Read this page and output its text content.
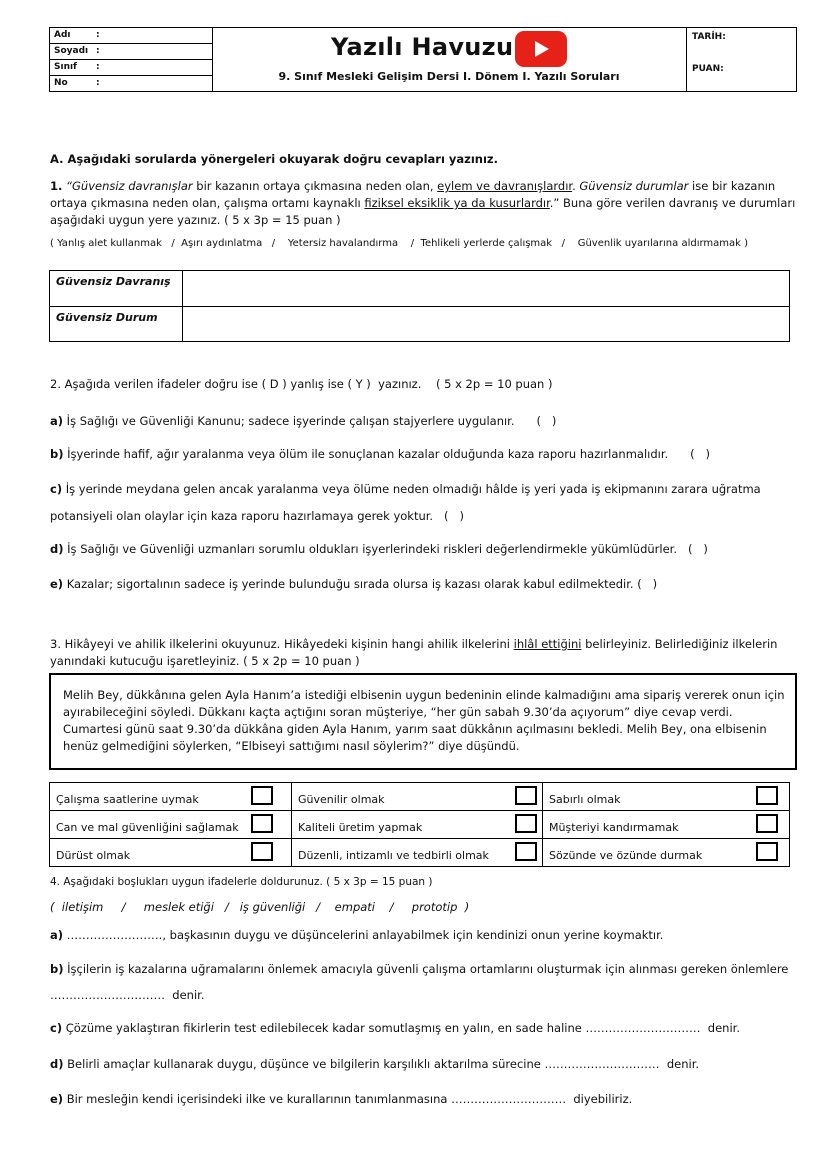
Adı	:
Soyadı :
Sınıf :
No	:
Yazılı Havuzu
9. Sınıf Mesleki Gelişim Dersi I. Dönem I. Yazılı Soruları
TARİH:
PUAN:
A. Aşağıdaki sorularda yönergeleri okuyarak doğru cevapları yazınız.
1. “Güvensiz davranışlar bir kazanın ortaya çıkmasına neden olan, eylem ve davranışlardır. Güvensiz durumlar ise bir kazanın
ortaya çıkmasına neden olan, çalışma ortamı kaynaklı fiziksel eksiklik ya da kusurlardır.” Buna göre verilen davranış ve durumları
aşağıdaki uygun yere yazınız. ( 5 x 3p = 15 puan )
( Yanlış alet kullanmak   /  Aşırı aydınlatma   /    Yetersiz havalandırma    /  Tehlikeli yerlerde çalışmak   /    Güvenlik uyarılarına aldırmamak )
Güvensiz Davranış
Güvensiz Durum
2. Aşağıda verilen ifadeler doğru ise ( D ) yanlış ise ( Y )  yazınız.    ( 5 x 2p = 10 puan )
a) İş Sağlığı ve Güvenliği Kanunu; sadece işyerinde çalışan stajyerlere uygulanır.      (   )
b) İşyerinde hafif, ağır yaralanma veya ölüm ile sonuçlanan kazalar olduğunda kaza raporu hazırlanmalıdır.      (   )
c) İş yerinde meydana gelen ancak yaralanma veya ölüme neden olmadığı hâlde iş yeri yada iş ekipmanını zarara uğratma
potansiyeli olan olaylar için kaza raporu hazırlamaya gerek yoktur.   (   )
d) İş Sağlığı ve Güvenliği uzmanları sorumlu oldukları işyerlerindeki riskleri değerlendirmekle yükümlüdürler.   (   )
e) Kazalar; sigortalının sadece iş yerinde bulunduğu sırada olursa iş kazası olarak kabul edilmektedir. (   )
3. Hikâyeyi ve ahilik ilkelerini okuyunuz. Hikâyedeki kişinin hangi ahilik ilkelerini ihlâl ettiğini belirleyiniz. Belirlediğiniz ilkelerin
yanındaki kutucuğu işaretleyiniz. ( 5 x 2p = 10 puan )
Melih Bey, dükkânına gelen Ayla Hanım’a istediği elbisenin uygun bedeninin elinde kalmadığını ama sipariş vererek onun için ayırabileceğini söyledi. Dükkanı kaçta açtığını soran müşteriye, “her gün sabah 9.30’da açıyorum” diye cevap verdi. Cumartesi günü saat 9.30’da dükkâna giden Ayla Hanım, yarım saat dükkânın açılmasını bekledi. Melih Bey, ona elbisenin henüz gelmediğini söylerken, “Elbiseyi sattığımı nasıl söylerim?” diye düşündü.
Çalışma saatlerine uymak	Güvenilir olmak	Sabırlı olmak
Can ve mal güvenliğini sağlamak	Kaliteli üretim yapmak	Müşteriyi kandırmamak
Dürüst olmak	Düzenli, intizamlı ve tedbirli olmak	Sözünde ve özünde durmak
4. Aşağıdaki boşlukları uygun ifadelerle doldurunuz. ( 5 x 3p = 15 puan )
(  iletişim     /     meslek etiği   /   iş güvenliği   /    empati    /     prototip  )
a) ……………………., başkasının duygu ve düşüncelerini anlayabilmek için kendinizi onun yerine koymaktır.
b) İşçilerin iş kazalarına uğramalarını önlemek amacıyla güvenli çalışma ortamlarını oluşturmak için alınması gereken önlemlere
…………………………  denir.
c) Çözüme yaklaştıran fikirlerin test edilebilecek kadar somutlaşmış en yalın, en sade haline …………………………  denir.
d) Belirli amaçlar kullanarak duygu, düşünce ve bilgilerin karşılıklı aktarılma sürecine …………………………  denir.
e) Bir mesleğin kendi içerisindeki ilke ve kurallarının tanımlanmasına …………………………  diyebiliriz.
